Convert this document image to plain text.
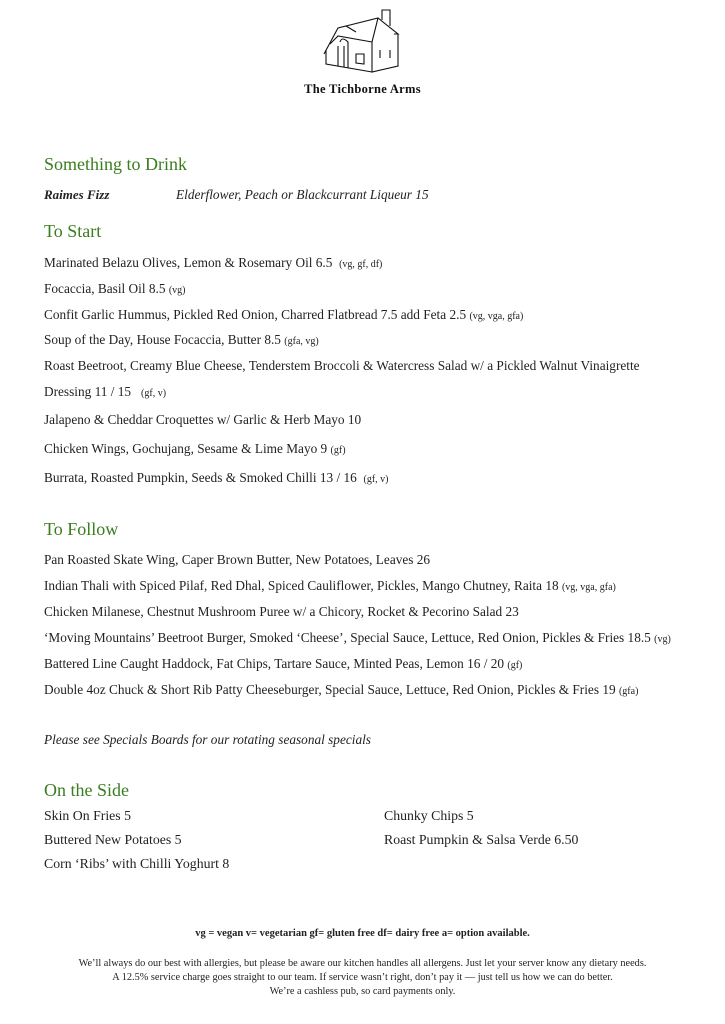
The Tichborne Arms
Something to Drink
Raimes Fizz	Elderflower, Peach or Blackcurrant Liqueur 15
To Start
Marinated Belazu Olives, Lemon & Rosemary Oil 6.5 (vg, gf, df)
Focaccia, Basil Oil 8.5 (vg)
Confit Garlic Hummus, Pickled Red Onion, Charred Flatbread 7.5 add Feta 2.5 (vg, vga, gfa)
Soup of the Day, House Focaccia, Butter 8.5 (gfa, vg)
Roast Beetroot, Creamy Blue Cheese, Tenderstem Broccoli & Watercress Salad w/ a Pickled Walnut Vinaigrette
Dressing 11 / 15 (gf, v)
Jalapeno & Cheddar Croquettes w/ Garlic & Herb Mayo 10
Chicken Wings, Gochujang, Sesame & Lime Mayo 9 (gf)
Burrata, Roasted Pumpkin, Seeds & Smoked Chilli 13 / 16 (gf, v)
To Follow
Pan Roasted Skate Wing, Caper Brown Butter, New Potatoes, Leaves 26
Indian Thali with Spiced Pilaf, Red Dhal, Spiced Cauliflower, Pickles, Mango Chutney, Raita 18 (vg, vga, gfa)
Chicken Milanese, Chestnut Mushroom Puree w/ a Chicory, Rocket & Pecorino Salad 23
‘Moving Mountains’ Beetroot Burger, Smoked ‘Cheese’, Special Sauce, Lettuce, Red Onion, Pickles & Fries 18.5 (vg)
Battered Line Caught Haddock, Fat Chips, Tartare Sauce, Minted Peas, Lemon 16 / 20 (gf)
Double 4oz Chuck & Short Rib Patty Cheeseburger, Special Sauce, Lettuce, Red Onion, Pickles & Fries 19 (gfa)
Please see Specials Boards for our rotating seasonal specials
On the Side
Skin On Fries 5
Buttered New Potatoes 5
Corn ‘Ribs’ with Chilli Yoghurt 8
Chunky Chips 5
Roast Pumpkin & Salsa Verde 6.50
vg = vegan v= vegetarian gf= gluten free df= dairy free a= option available.
We’ll always do our best with allergies, but please be aware our kitchen handles all allergens. Just let your server know any dietary needs.
A 12.5% service charge goes straight to our team. If service wasn’t right, don’t pay it — just tell us how we can do better.
We’re a cashless pub, so card payments only.
